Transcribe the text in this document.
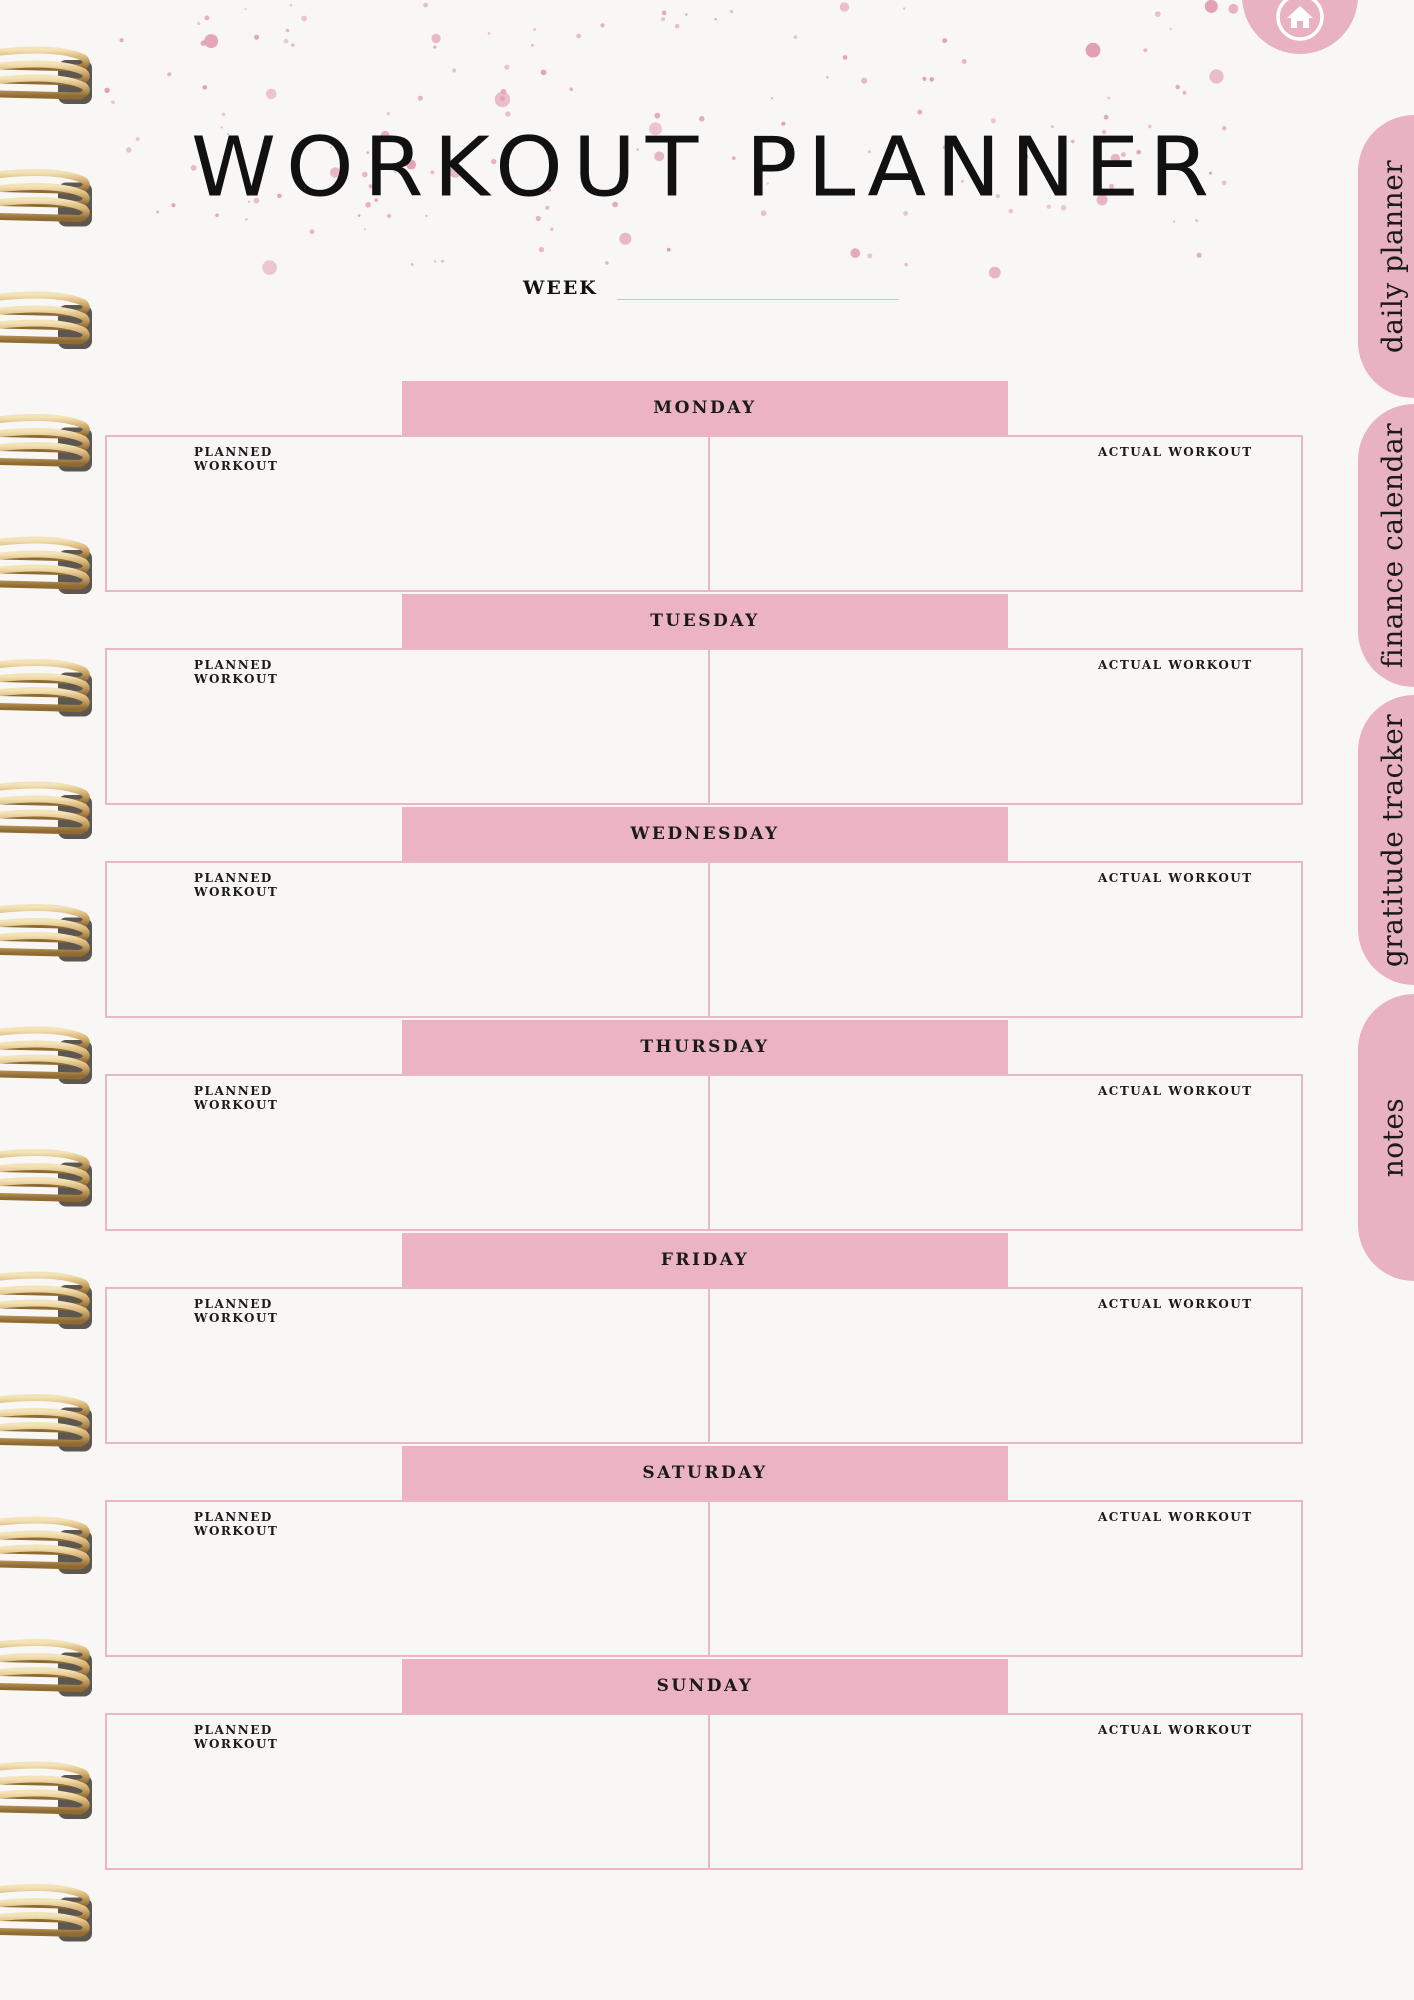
WORKOUT PLANNER
WEEK	daily planner
finance calendar
gratitude tracker
notes
MONDAY
PLANNED
WORKOUT
ACTUAL WORKOUT
TUESDAY
PLANNED
WORKOUT
ACTUAL WORKOUT
WEDNESDAY
PLANNED
WORKOUT
ACTUAL WORKOUT
THURSDAY
PLANNED
WORKOUT
ACTUAL WORKOUT
FRIDAY
PLANNED
WORKOUT
ACTUAL WORKOUT
SATURDAY
PLANNED
WORKOUT
ACTUAL WORKOUT
SUNDAY
PLANNED
WORKOUT
ACTUAL WORKOUT
